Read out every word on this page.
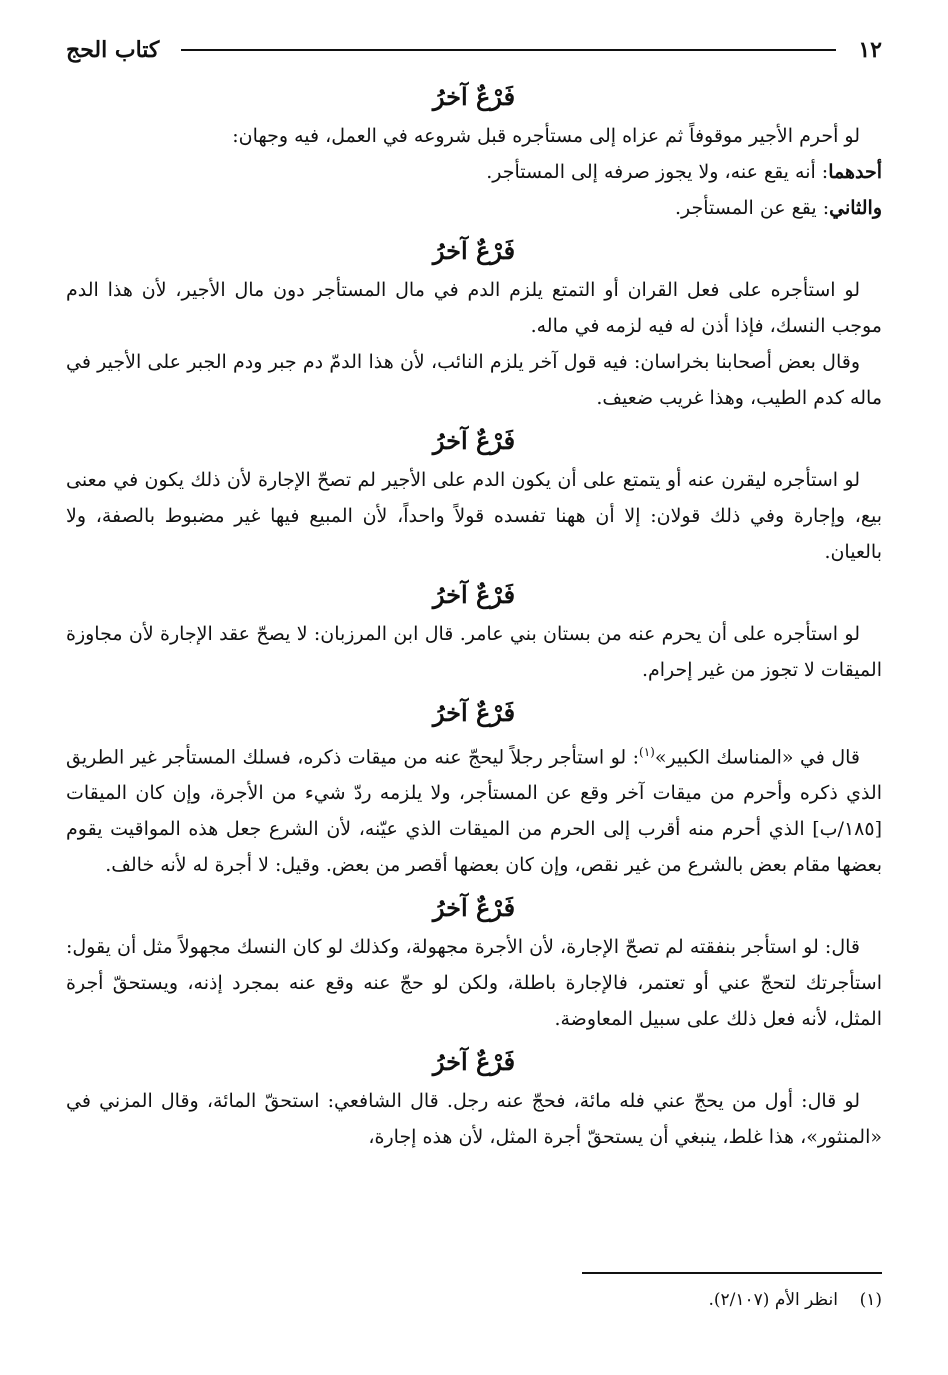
كتاب الحج	١٢
فَرْعٌ آخرُ

لو أحرم الأجير موقوفاً ثم عزاه إلى مستأجره قبل شروعه في العمل، فيه وجهان:

أحدهما: أنه يقع عنه، ولا يجوز صرفه إلى المستأجر.

والثاني: يقع عن المستأجر.

فَرْعٌ آخرُ

لو استأجره على فعل القران أو التمتع يلزم الدم في مال المستأجر دون مال الأجير، لأن هذا الدم موجب النسك، فإذا أذن له فيه لزمه في ماله.

وقال بعض أصحابنا بخراسان: فيه قول آخر يلزم النائب، لأن هذا الدمّ دم جبر ودم الجبر على الأجير في ماله كدم الطيب، وهذا غريب ضعيف.

فَرْعٌ آخرُ

لو استأجره ليقرن عنه أو يتمتع على أن يكون الدم على الأجير لم تصحّ الإجارة لأن ذلك يكون في معنى بيع، وإجارة وفي ذلك قولان: إلا أن ههنا تفسده قولاً واحداً، لأن المبيع فيها غير مضبوط بالصفة، ولا بالعيان.

فَرْعٌ آخرُ

لو استأجره على أن يحرم عنه من بستان بني عامر. قال ابن المرزبان: لا يصحّ عقد الإجارة لأن مجاوزة الميقات لا تجوز من غير إحرام.

فَرْعٌ آخرُ

قال في «المناسك الكبير»$^{(١)}$: لو استأجر رجلاً ليحجّ عنه من ميقات ذكره، فسلك المستأجر غير الطريق الذي ذكره وأحرم من ميقات آخر وقع عن المستأجر، ولا يلزمه ردّ شيء من الأجرة، وإن كان الميقات [١٨٥/ب] الذي أحرم منه أقرب إلى الحرم من الميقات الذي عيّنه، لأن الشرع جعل هذه المواقيت يقوم بعضها مقام بعض بالشرع من غير نقص، وإن كان بعضها أقصر من بعض. وقيل: لا أجرة له لأنه خالف.

فَرْعٌ آخرُ

قال: لو استأجر بنفقته لم تصحّ الإجارة، لأن الأجرة مجهولة، وكذلك لو كان النسك مجهولاً مثل أن يقول: استأجرتك لتحجّ عني أو تعتمر، فالإجارة باطلة، ولكن لو حجّ عنه وقع عنه بمجرد إذنه، ويستحقّ أجرة المثل، لأنه فعل ذلك على سبيل المعاوضة.

فَرْعٌ آخرُ

لو قال: أول من يحجّ عني فله مائة، فحجّ عنه رجل. قال الشافعي: استحقّ المائة، وقال المزني في «المنثور»، هذا غلط، ينبغي أن يستحقّ أجرة المثل، لأن هذه إجارة،

(١)    انظر الأم (٢/١٠٧).
